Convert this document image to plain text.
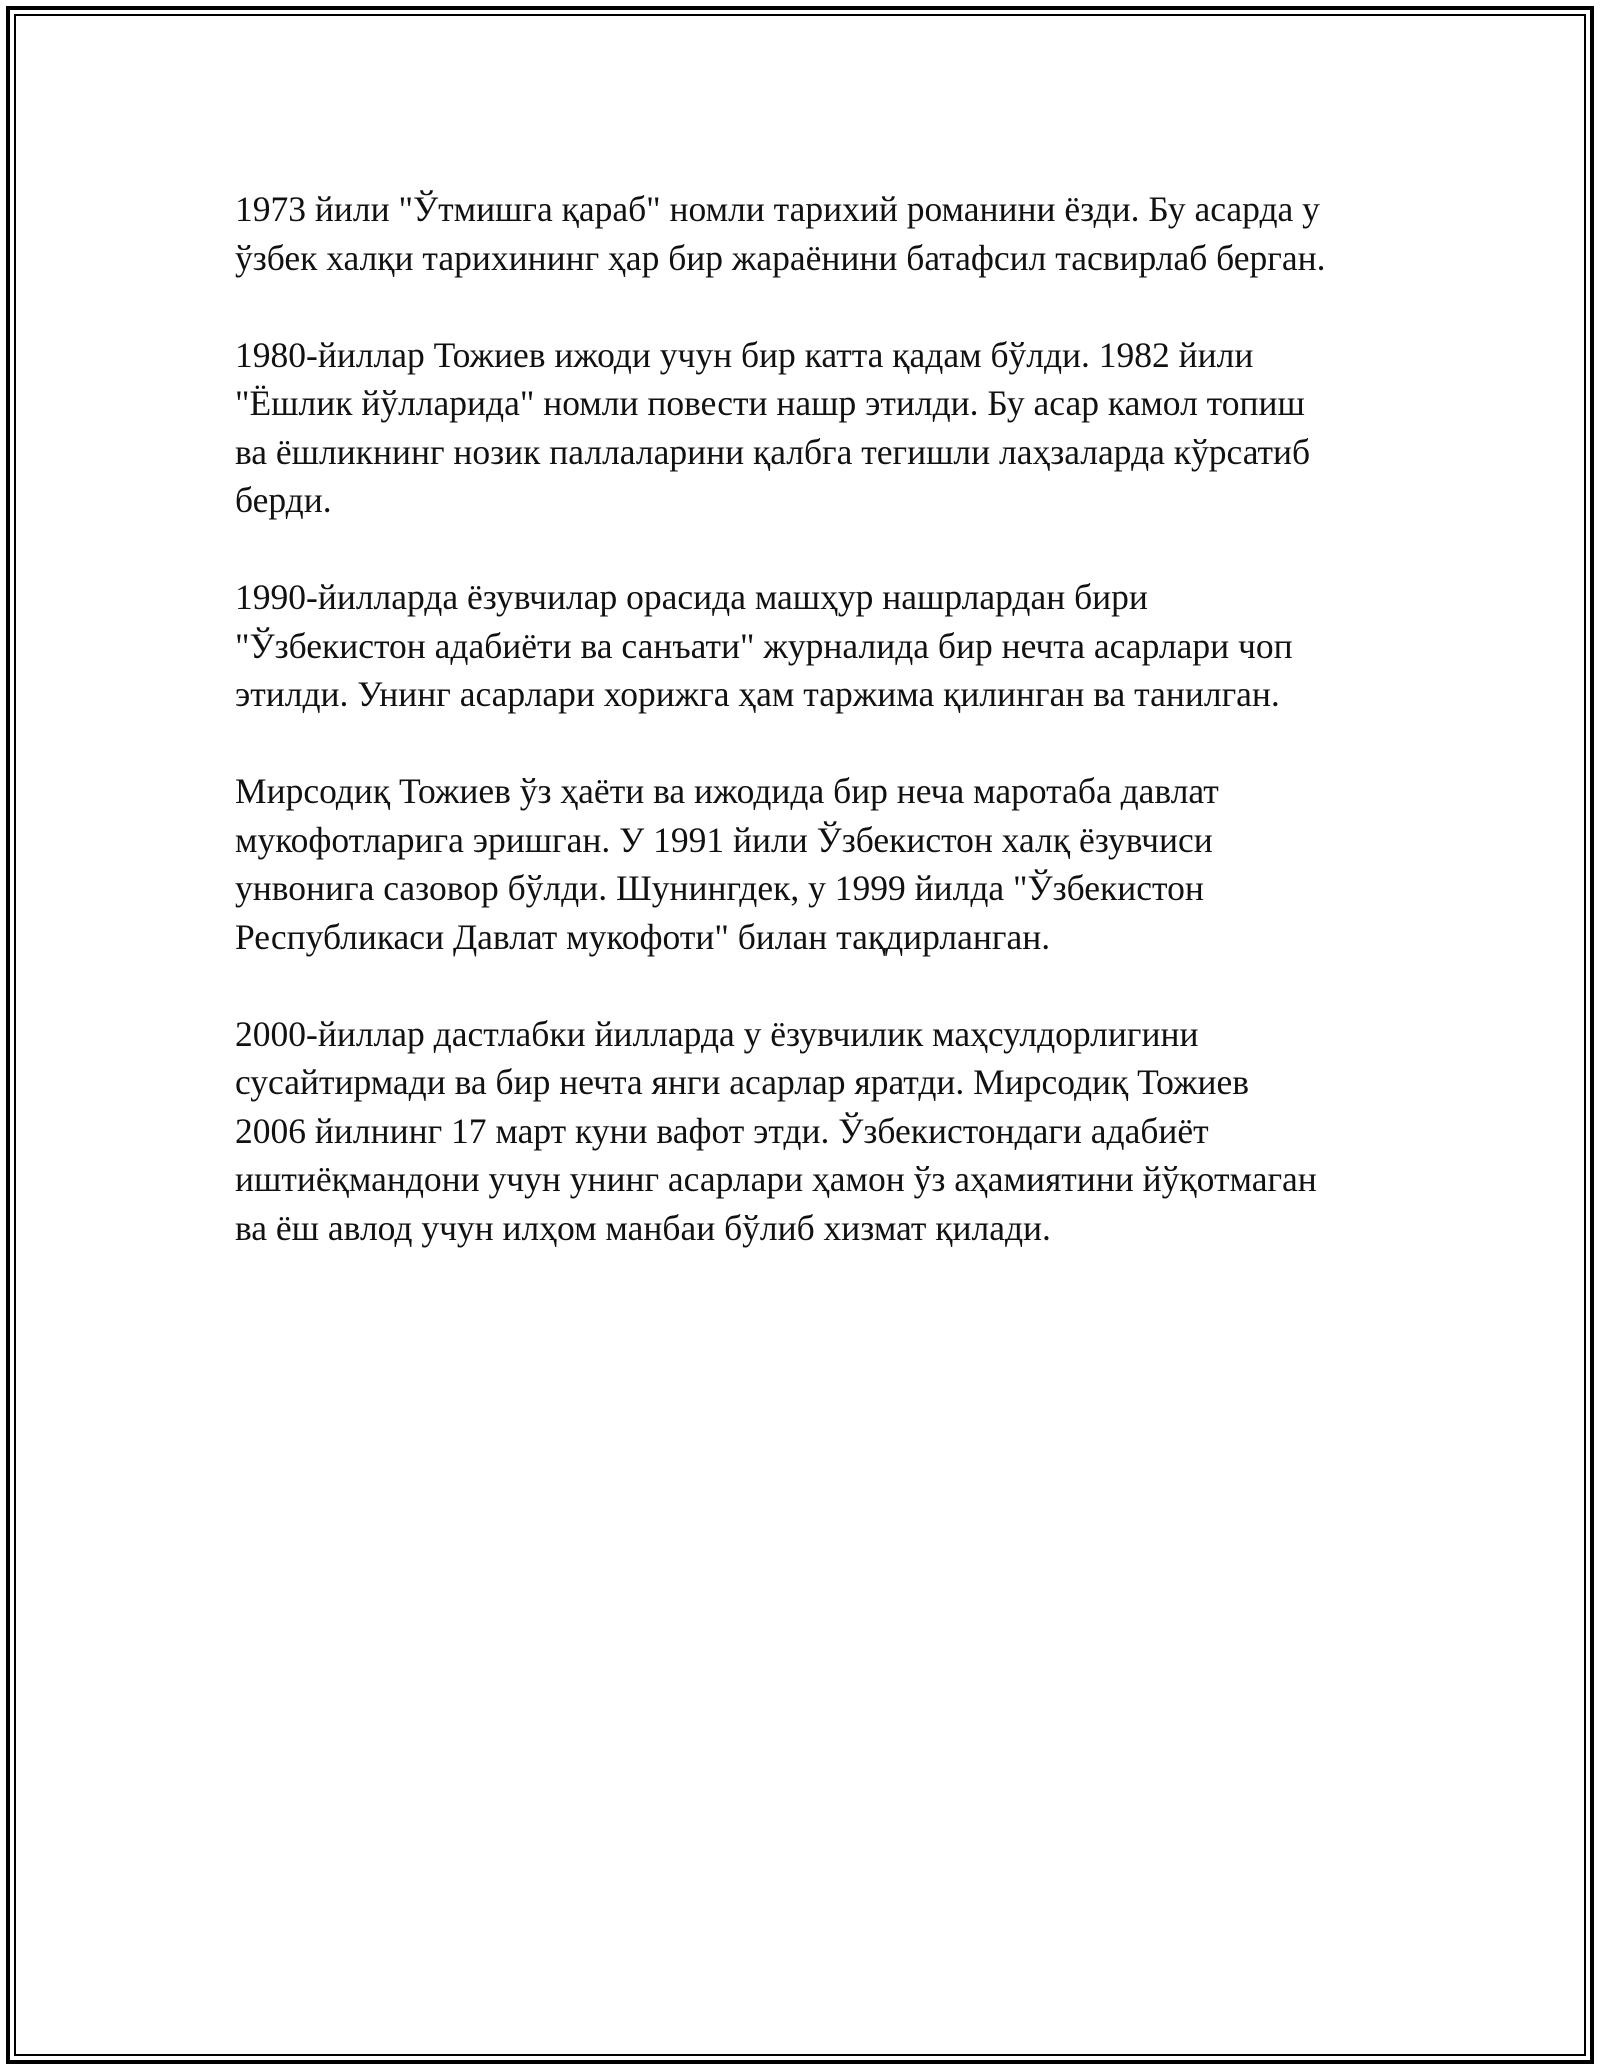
1973 йили "Ўтмишга қараб" номли тарихий романини ёзди. Бу асарда у
ўзбек халқи тарихининг ҳар бир жараёнини батафсил тасвирлаб берган.

1980-йиллар Тожиев ижоди учун бир катта қадам бўлди. 1982 йили
"Ёшлик йўлларида" номли повести нашр этилди. Бу асар камол топиш
ва ёшликнинг нозик паллаларини қалбга тегишли лаҳзаларда кўрсатиб
берди.

1990-йилларда ёзувчилар орасида машҳур нашрлардан бири
"Ўзбекистон адабиёти ва санъати" журналида бир нечта асарлари чоп
этилди. Унинг асарлари хорижга ҳам таржима қилинган ва танилган.

Мирсодиқ Тожиев ўз ҳаёти ва ижодида бир неча маротаба давлат
мукофотларига эришган. У 1991 йили Ўзбекистон халқ ёзувчиси
унвонига сазовор бўлди. Шунингдек, у 1999 йилда "Ўзбекистон
Республикаси Давлат мукофоти" билан тақдирланган.

2000-йиллар дастлабки йилларда у ёзувчилик маҳсулдорлигини
сусайтирмади ва бир нечта янги асарлар яратди. Мирсодиқ Тожиев
2006 йилнинг 17 март куни вафот этди. Ўзбекистондаги адабиёт
иштиёқмандони учун унинг асарлари ҳамон ўз аҳамиятини йўқотмаган
ва ёш авлод учун илҳом манбаи бўлиб хизмат қилади.
